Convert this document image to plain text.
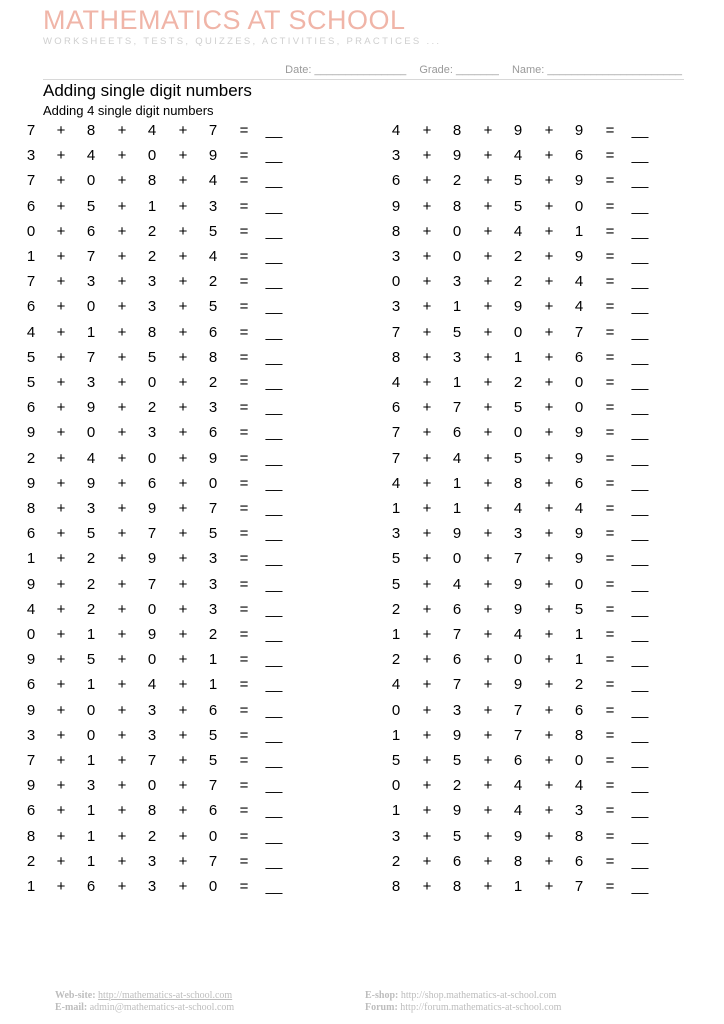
MATHEMATICS AT SCHOOL
WORKSHEETS, TESTS, QUIZZES, ACTIVITIES, PRACTICES ...
Date: _______________ Grade: _______ Name: ______________________
Adding single digit numbers
Adding 4 single digit numbers
7	+	8	+	4	+	7	=	__
3	+	4	+	0	+	9	=	__
7	+	0	+	8	+	4	=	__
6	+	5	+	1	+	3	=	__
0	+	6	+	2	+	5	=	__
1	+	7	+	2	+	4	=	__
7	+	3	+	3	+	2	=	__
6	+	0	+	3	+	5	=	__
4	+	1	+	8	+	6	=	__
5	+	7	+	5	+	8	=	__
5	+	3	+	0	+	2	=	__
6	+	9	+	2	+	3	=	__
9	+	0	+	3	+	6	=	__
2	+	4	+	0	+	9	=	__
9	+	9	+	6	+	0	=	__
8	+	3	+	9	+	7	=	__
6	+	5	+	7	+	5	=	__
1	+	2	+	9	+	3	=	__
9	+	2	+	7	+	3	=	__
4	+	2	+	0	+	3	=	__
0	+	1	+	9	+	2	=	__
9	+	5	+	0	+	1	=	__
6	+	1	+	4	+	1	=	__
9	+	0	+	3	+	6	=	__
3	+	0	+	3	+	5	=	__
7	+	1	+	7	+	5	=	__
9	+	3	+	0	+	7	=	__
6	+	1	+	8	+	6	=	__
8	+	1	+	2	+	0	=	__
2	+	1	+	3	+	7	=	__
1	+	6	+	3	+	0	=	__
4	+	8	+	9	+	9	=	__
3	+	9	+	4	+	6	=	__
6	+	2	+	5	+	9	=	__
9	+	8	+	5	+	0	=	__
8	+	0	+	4	+	1	=	__
3	+	0	+	2	+	9	=	__
0	+	3	+	2	+	4	=	__
3	+	1	+	9	+	4	=	__
7	+	5	+	0	+	7	=	__
8	+	3	+	1	+	6	=	__
4	+	1	+	2	+	0	=	__
6	+	7	+	5	+	0	=	__
7	+	6	+	0	+	9	=	__
7	+	4	+	5	+	9	=	__
4	+	1	+	8	+	6	=	__
1	+	1	+	4	+	4	=	__
3	+	9	+	3	+	9	=	__
5	+	0	+	7	+	9	=	__
5	+	4	+	9	+	0	=	__
2	+	6	+	9	+	5	=	__
1	+	7	+	4	+	1	=	__
2	+	6	+	0	+	1	=	__
4	+	7	+	9	+	2	=	__
0	+	3	+	7	+	6	=	__
1	+	9	+	7	+	8	=	__
5	+	5	+	6	+	0	=	__
0	+	2	+	4	+	4	=	__
1	+	9	+	4	+	3	=	__
3	+	5	+	9	+	8	=	__
2	+	6	+	8	+	6	=	__
8	+	8	+	1	+	7	=	__
Web-site: http://mathematics-at-school.com
E-mail: admin@mathematics-at-school.com
E-shop: http://shop.mathematics-at-school.com
Forum: http://forum.mathematics-at-school.com
